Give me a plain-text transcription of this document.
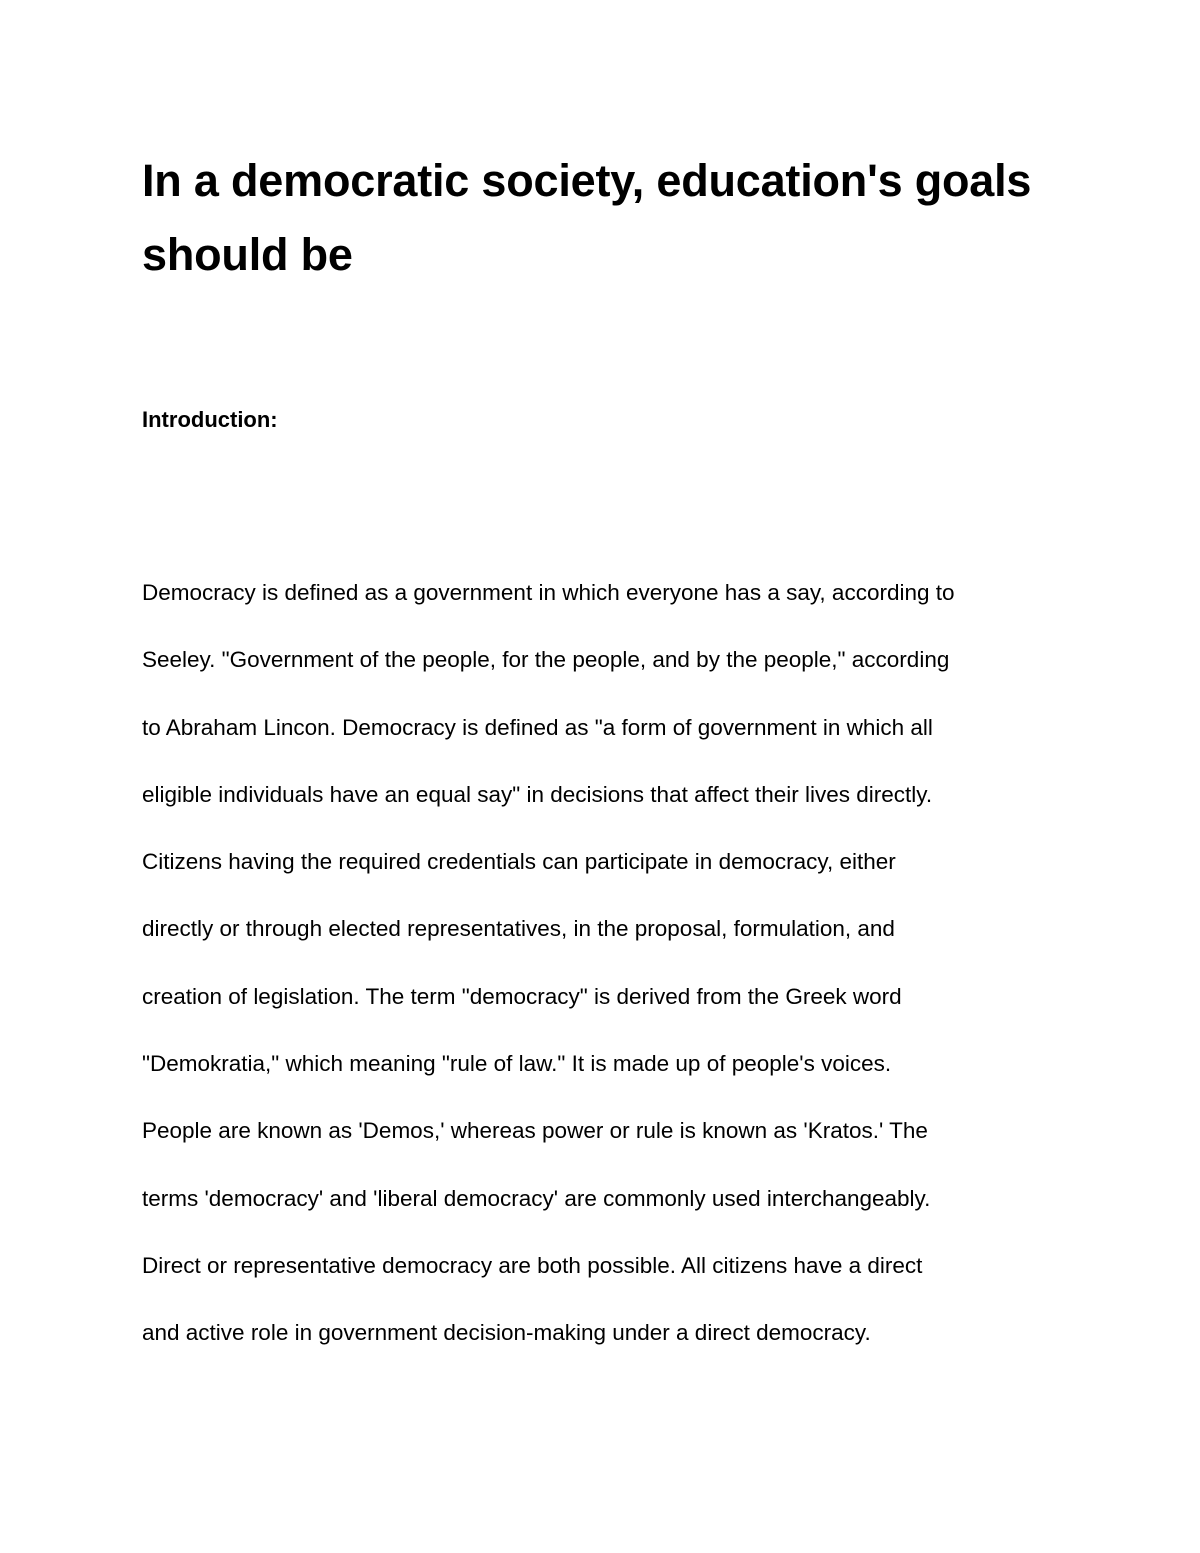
In a democratic society, education's goals should be
Introduction:
Democracy is defined as a government in which everyone has a say, according to
Seeley. "Government of the people, for the people, and by the people," according
to Abraham Lincon. Democracy is defined as "a form of government in which all
eligible individuals have an equal say" in decisions that affect their lives directly.
Citizens having the required credentials can participate in democracy, either
directly or through elected representatives, in the proposal, formulation, and
creation of legislation. The term "democracy" is derived from the Greek word
"Demokratia," which meaning "rule of law." It is made up of people's voices.
People are known as 'Demos,' whereas power or rule is known as 'Kratos.' The
terms 'democracy' and 'liberal democracy' are commonly used interchangeably.
Direct or representative democracy are both possible. All citizens have a direct
and active role in government decision-making under a direct democracy.
